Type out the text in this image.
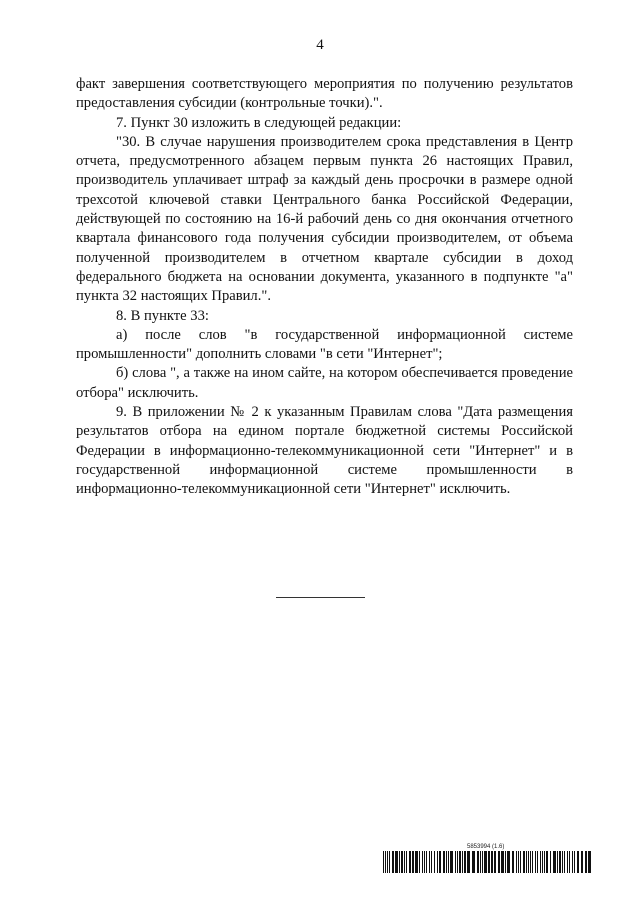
4

факт завершения соответствующего мероприятия по получению результатов предоставления субсидии (контрольные точки).".

7. Пункт 30 изложить в следующей редакции:

"30. В случае нарушения производителем срока представления в Центр отчета, предусмотренного абзацем первым пункта 26 настоящих Правил, производитель уплачивает штраф за каждый день просрочки в размере одной трехсотой ключевой ставки Центрального банка Российской Федерации, действующей по состоянию на 16-й рабочий день со дня окончания отчетного квартала финансового года получения субсидии производителем, от объема полученной производителем в отчетном квартале субсидии в доход федерального бюджета на основании документа, указанного в подпункте "а" пункта 32 настоящих Правил.".

8. В пункте 33:

а) после слов "в государственной информационной системе промышленности" дополнить словами "в сети "Интернет";

б) слова ", а также на ином сайте, на котором обеспечивается проведение отбора" исключить.

9. В приложении № 2 к указанным Правилам слова "Дата размещения результатов отбора на едином портале бюджетной системы Российской Федерации в информационно-телекоммуникационной сети "Интернет" и в государственной информационной системе промышленности в информационно-телекоммуникационной сети "Интернет" исключить.

5853994 (1.6)
